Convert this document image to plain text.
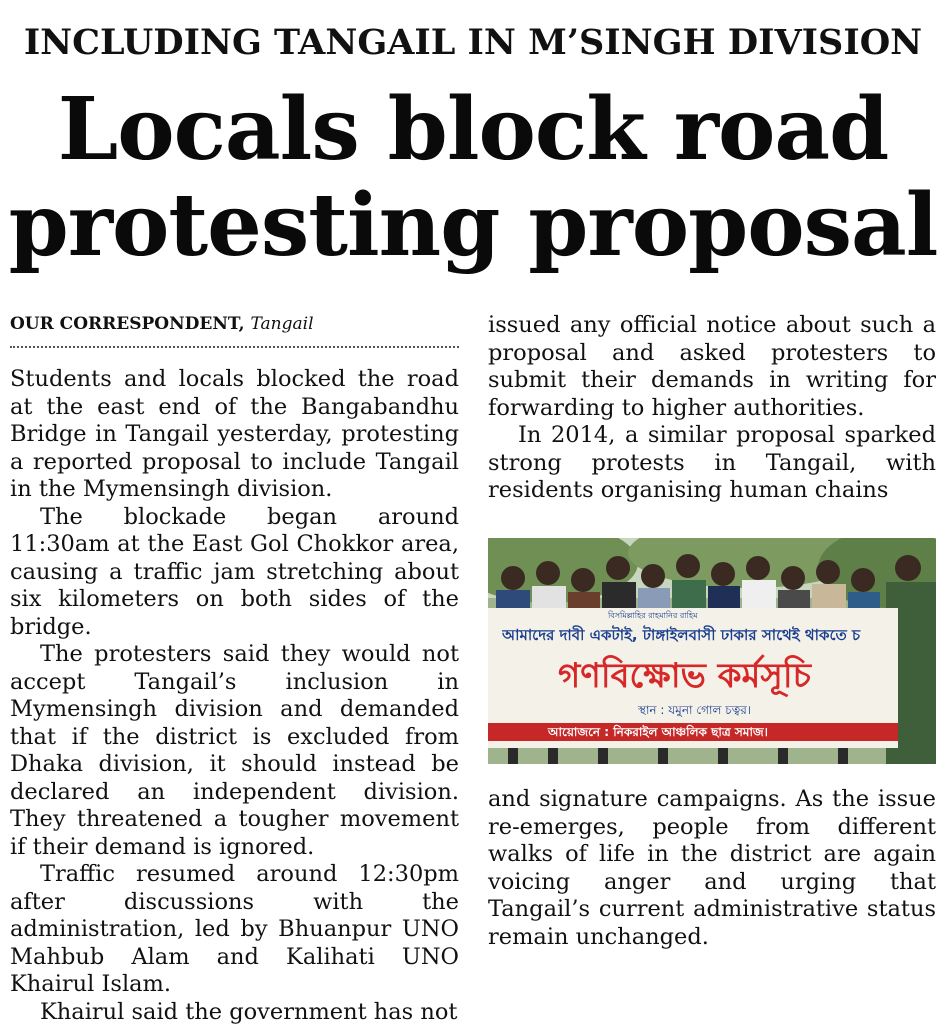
INCLUDING TANGAIL IN M’SINGH DIVISION
Locals block road
protesting proposal
OUR CORRESPONDENT, Tangail

Students and locals blocked the road at the east end of the Bangabandhu Bridge in Tangail yesterday, protesting a reported proposal to include Tangail in the Mymensingh division.

The blockade began around 11:30am at the East Gol Chokkor area, causing a traffic jam stretching about six kilometers on both sides of the bridge.

The protesters said they would not accept Tangail’s inclusion in Mymensingh division and demanded that if the district is excluded from Dhaka division, it should instead be declared an independent division. They threatened a tougher movement if their demand is ignored.

Traffic resumed around 12:30pm after discussions with the administration, led by Bhuanpur UNO Mahbub Alam and Kalihati UNO Khairul Islam.

Khairul said the government has not

issued any official notice about such a proposal and asked protesters to submit their demands in writing for forwarding to higher authorities.

In 2014, a similar proposal sparked strong protests in Tangail, with residents organising human chains

বিসমিল্লাহির রাহমানির রাহিম
আমাদের দাবী একটাই, টাঙ্গাইলবাসী ঢাকার সাথেই থাকতে চ
গণবিক্ষোভ কর্মসূচি
স্থান : যমুনা গোল চত্বর।
আয়োজনে : নিকরাইল আঞ্চলিক ছাত্র সমাজ।

and signature campaigns. As the issue re-emerges, people from different walks of life in the district are again voicing anger and urging that Tangail’s current administrative status remain unchanged.
